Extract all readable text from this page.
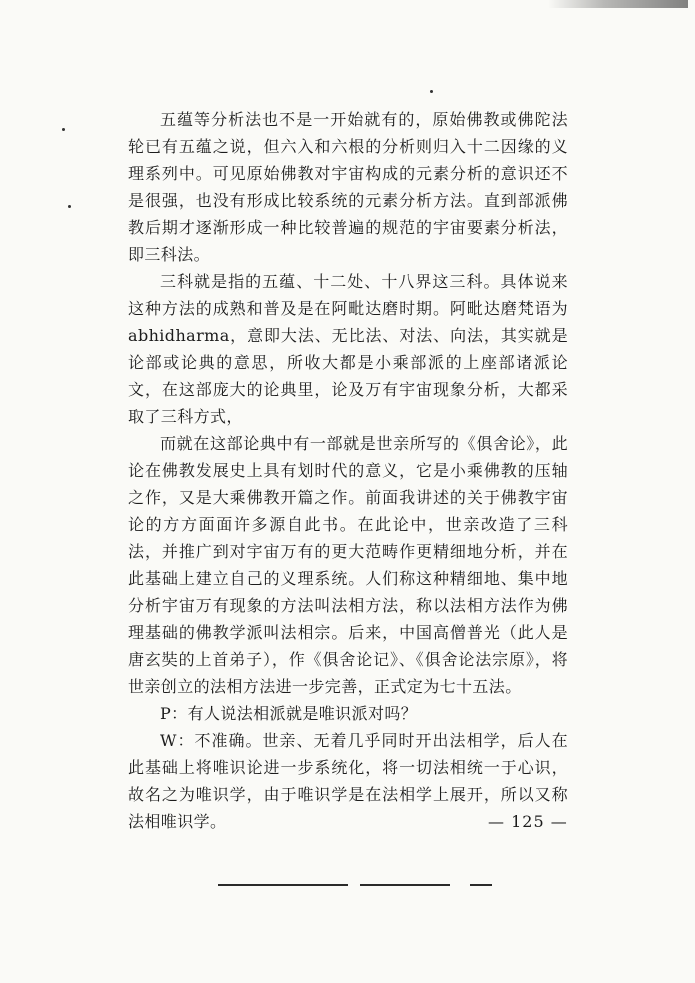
五蕴等分析法也不是一开始就有的，原始佛教或佛陀法轮已有五蕴之说，但六入和六根的分析则归入十二因缘的义理系列中。可见原始佛教对宇宙构成的元素分析的意识还不是很强，也没有形成比较系统的元素分析方法。直到部派佛教后期才逐渐形成一种比较普遍的规范的宇宙要素分析法，即三科法。

三科就是指的五蕴、十二处、十八界这三科。具体说来这种方法的成熟和普及是在阿毗达磨时期。阿毗达磨梵语为abhidharma，意即大法、无比法、对法、向法，其实就是论部或论典的意思，所收大都是小乘部派的上座部诸派论文，在这部庞大的论典里，论及万有宇宙现象分析，大都采取了三科方式，

而就在这部论典中有一部就是世亲所写的《俱舍论》，此论在佛教发展史上具有划时代的意义，它是小乘佛教的压轴之作，又是大乘佛教开篇之作。前面我讲述的关于佛教宇宙论的方方面面许多源自此书。在此论中，世亲改造了三科法，并推广到对宇宙万有的更大范畴作更精细地分析，并在此基础上建立自己的义理系统。人们称这种精细地、集中地分析宇宙万有现象的方法叫法相方法，称以法相方法作为佛理基础的佛教学派叫法相宗。后来，中国高僧普光（此人是唐玄奘的上首弟子），作《俱舍论记》、《俱舍论法宗原》，将世亲创立的法相方法进一步完善，正式定为七十五法。

P：有人说法相派就是唯识派对吗？

W：不准确。世亲、无着几乎同时开出法相学，后人在此基础上将唯识论进一步系统化，将一切法相统一于心识，故名之为唯识学，由于唯识学是在法相学上展开，所以又称法相唯识学。	— 125 —
